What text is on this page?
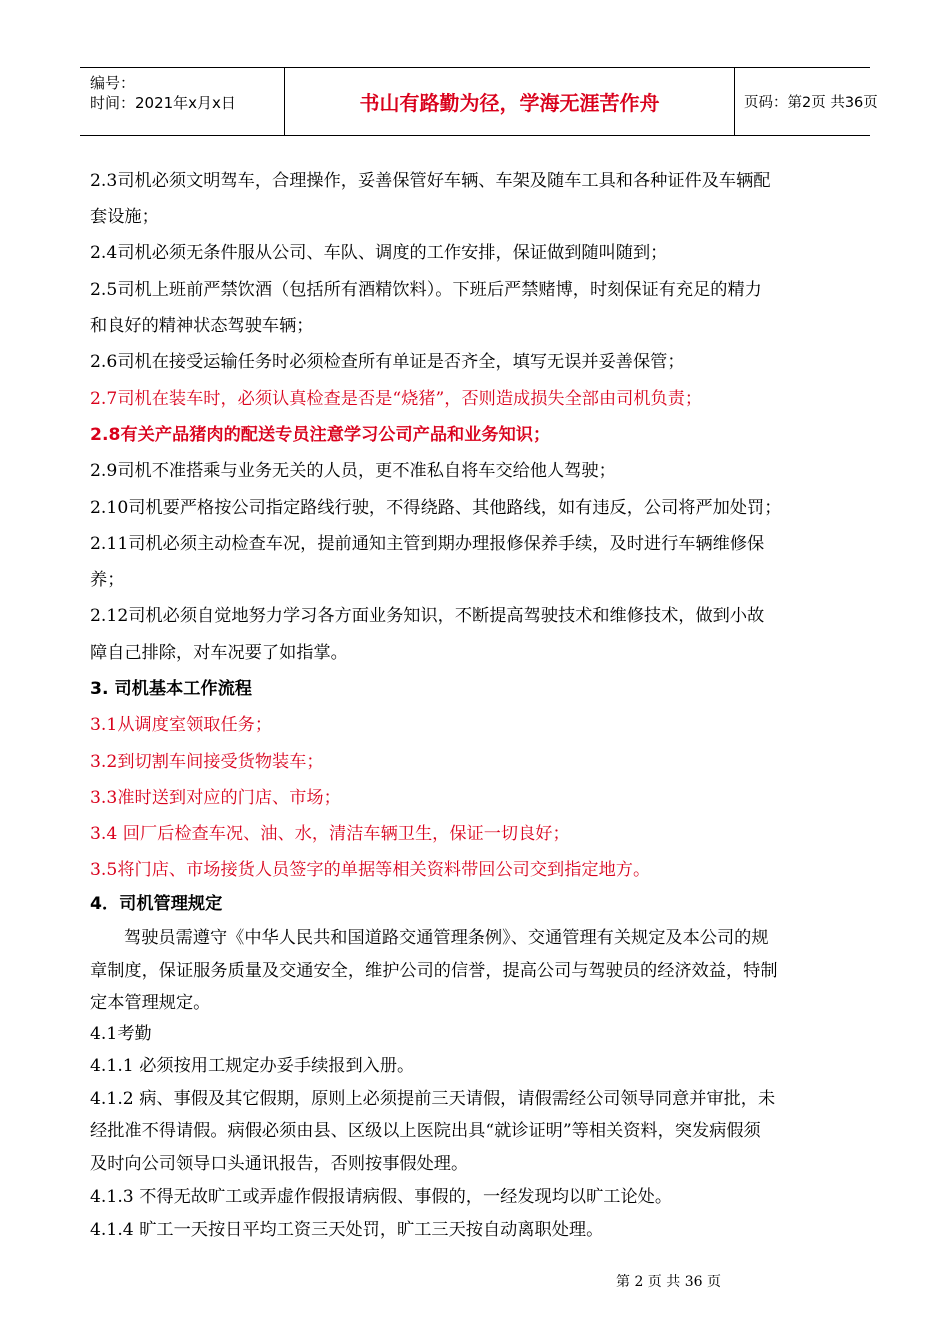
编号：
时间：2021年x月x日	书山有路勤为径，学海无涯苦作舟	页码：第2页 共36页
2.3司机必须文明驾车，合理操作，妥善保管好车辆、车架及随车工具和各种证件及车辆配
套设施；
2.4司机必须无条件服从公司、车队、调度的工作安排，保证做到随叫随到；
2.5司机上班前严禁饮酒（包括所有酒精饮料）。下班后严禁赌博，时刻保证有充足的精力
和良好的精神状态驾驶车辆；
2.6司机在接受运输任务时必须检查所有单证是否齐全，填写无误并妥善保管；
2.7司机在装车时，必须认真检查是否是“烧猪”，否则造成损失全部由司机负责；
2.8有关产品猪肉的配送专员注意学习公司产品和业务知识；
2.9司机不准搭乘与业务无关的人员，更不准私自将车交给他人驾驶；
2.10司机要严格按公司指定路线行驶，不得绕路、其他路线，如有违反，公司将严加处罚；
2.11司机必须主动检查车况，提前通知主管到期办理报修保养手续，及时进行车辆维修保
养；
2.12司机必须自觉地努力学习各方面业务知识，不断提高驾驶技术和维修技术，做到小故
障自己排除，对车况要了如指掌。
3. 司机基本工作流程
3.1从调度室领取任务；
3.2到切割车间接受货物装车；
3.3准时送到对应的门店、市场；
3.4 回厂后检查车况、油、水，清洁车辆卫生，保证一切良好；
3.5将门店、市场接货人员签字的单据等相关资料带回公司交到指定地方。
4．司机管理规定
驾驶员需遵守《中华人民共和国道路交通管理条例》、交通管理有关规定及本公司的规
章制度，保证服务质量及交通安全，维护公司的信誉，提高公司与驾驶员的经济效益，特制
定本管理规定。
4.1考勤
4.1.1 必须按用工规定办妥手续报到入册。
4.1.2 病、事假及其它假期，原则上必须提前三天请假，请假需经公司领导同意并审批，未
经批准不得请假。病假必须由县、区级以上医院出具“就诊证明”等相关资料，突发病假须
及时向公司领导口头通讯报告，否则按事假处理。
4.1.3 不得无故旷工或弄虚作假报请病假、事假的，一经发现均以旷工论处。
4.1.4 旷工一天按日平均工资三天处罚，旷工三天按自动离职处理。
第 2 页 共 36 页
